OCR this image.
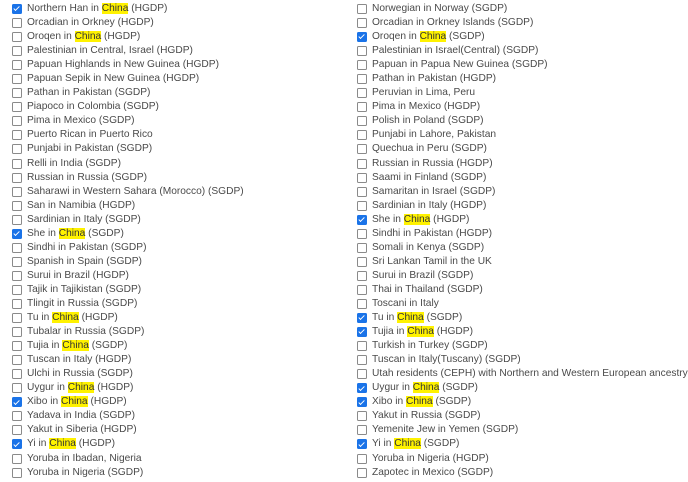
Northern Han in China (HGDP)
Orcadian in Orkney (HGDP)
Oroqen in China (HGDP)
Palestinian in Central, Israel (HGDP)
Papuan Highlands in New Guinea (HGDP)
Papuan Sepik in New Guinea (HGDP)
Pathan in Pakistan (SGDP)
Piapoco in Colombia (SGDP)
Pima in Mexico (SGDP)
Puerto Rican in Puerto Rico
Punjabi in Pakistan (SGDP)
Relli in India (SGDP)
Russian in Russia (SGDP)
Saharawi in Western Sahara (Morocco) (SGDP)
San in Namibia (HGDP)
Sardinian in Italy (SGDP)
She in China (SGDP)
Sindhi in Pakistan (SGDP)
Spanish in Spain (SGDP)
Surui in Brazil (HGDP)
Tajik in Tajikistan (SGDP)
Tlingit in Russia (SGDP)
Tu in China (HGDP)
Tubalar in Russia (SGDP)
Tujia in China (SGDP)
Tuscan in Italy (HGDP)
Ulchi in Russia (SGDP)
Uygur in China (HGDP)
Xibo in China (HGDP)
Yadava in India (SGDP)
Yakut in Siberia (HGDP)
Yi in China (HGDP)
Yoruba in Ibadan, Nigeria
Yoruba in Nigeria (SGDP)
Norwegian in Norway (SGDP)
Orcadian in Orkney Islands (SGDP)
Oroqen in China (SGDP)
Palestinian in Israel(Central) (SGDP)
Papuan in Papua New Guinea (SGDP)
Pathan in Pakistan (HGDP)
Peruvian in Lima, Peru
Pima in Mexico (HGDP)
Polish in Poland (SGDP)
Punjabi in Lahore, Pakistan
Quechua in Peru (SGDP)
Russian in Russia (HGDP)
Saami in Finland (SGDP)
Samaritan in Israel (SGDP)
Sardinian in Italy (HGDP)
She in China (HGDP)
Sindhi in Pakistan (HGDP)
Somali in Kenya (SGDP)
Sri Lankan Tamil in the UK
Surui in Brazil (SGDP)
Thai in Thailand (SGDP)
Toscani in Italy
Tu in China (SGDP)
Tujia in China (HGDP)
Turkish in Turkey (SGDP)
Tuscan in Italy(Tuscany) (SGDP)
Utah residents (CEPH) with Northern and Western European ancestry
Uygur in China (SGDP)
Xibo in China (SGDP)
Yakut in Russia (SGDP)
Yemenite Jew in Yemen (SGDP)
Yi in China (SGDP)
Yoruba in Nigeria (HGDP)
Zapotec in Mexico (SGDP)
